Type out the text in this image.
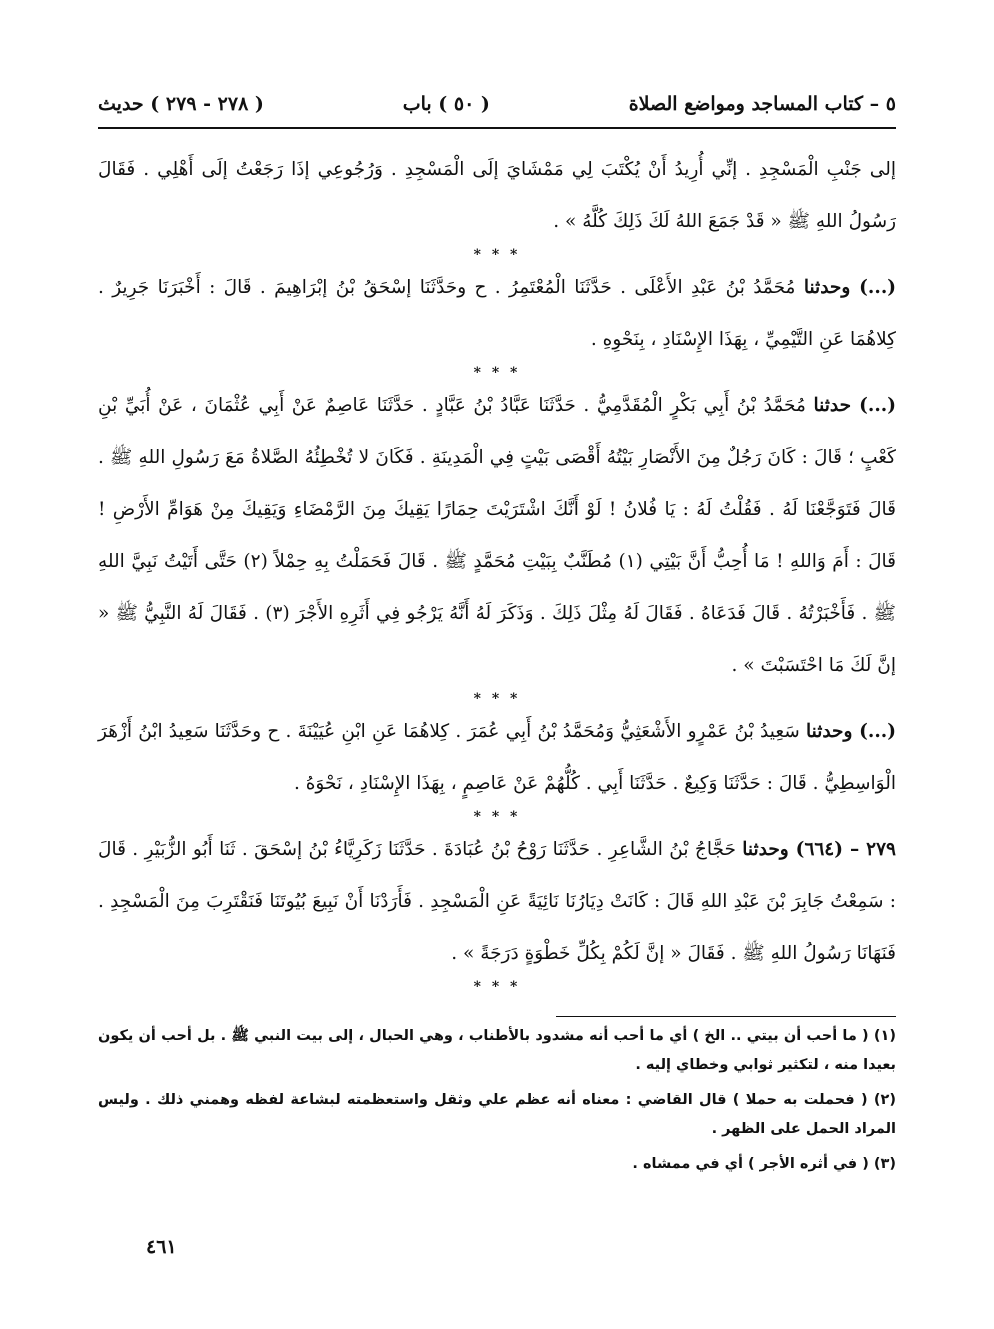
٥ – كتاب المساجد ومواضع الصلاة
( ٥٠ ) باب
( ٢٧٨ - ٢٧٩ ) حديث

إلى جَنْبِ الْمَسْجِدِ . إنِّي أُرِيدُ أَنْ يُكْتَبَ لِي مَمْشَايَ إلَى الْمَسْجِدِ . وَرُجُوعِي إذَا رَجَعْتُ إلَى أَهْلِي . فَقَالَ رَسُولُ اللهِ ﷺ « قَدْ جَمَعَ اللهُ لَكَ ذَلِكَ كُلَّهُ » .

* * *

(...) وحدثنا مُحَمَّدُ بْنُ عَبْدِ الأَعْلَى . حَدَّثَنَا الْمُعْتَمِرُ . ح وحَدَّثَنَا إسْحَقُ بْنُ إبْرَاهِيمَ . قَالَ : أَخْبَرَنَا جَرِيرٌ . كِلاهُمَا عَنِ التَّيْمِيِّ ، بِهَذَا الإِسْنَادِ ، بِنَحْوِهِ .

* * *

(...) حدثنا مُحَمَّدُ بْنُ أَبِي بَكْرٍ الْمُقَدَّمِيُّ . حَدَّثَنَا عَبَّادُ بْنُ عَبَّادٍ . حَدَّثَنَا عَاصِمٌ عَنْ أَبِي عُثْمَانَ ، عَنْ أُبَيِّ بْنِ كَعْبٍ ؛ قَالَ : كَانَ رَجُلٌ مِنَ الأَنْصَارِ بَيْتُهُ أَقْصَى بَيْتٍ فِي الْمَدِينَةِ . فَكَانَ لا تُخْطِئُهُ الصَّلاةُ مَعَ رَسُولِ اللهِ ﷺ . قَالَ فَتَوَجَّعْنَا لَهُ . فَقُلْتُ لَهُ : يَا فُلانُ ! لَوْ أَنَّكَ اشْتَرَيْتَ حِمَارًا يَقِيكَ مِنَ الرَّمْضَاءِ وَيَقِيكَ مِنْ هَوَامِّ الأَرْضِ ! قَالَ : أَمَ وَاللهِ ! مَا أُحِبُّ أَنَّ بَيْتِي (١) مُطَنَّبٌ بِبَيْتِ مُحَمَّدٍ ﷺ . قَالَ فَحَمَلْتُ بِهِ حِمْلاً (٢) حَتَّى أَتَيْتُ نَبِيَّ اللهِ ﷺ . فَأَخْبَرْتُهُ . قَالَ فَدَعَاهُ . فَقَالَ لَهُ مِثْلَ ذَلِكَ . وَذَكَرَ لَهُ أَنَّهُ يَرْجُو فِي أَثَرِهِ الأَجْرَ (٣) . فَقَالَ لَهُ النَّبِيُّ ﷺ « إنَّ لَكَ مَا احْتَسَبْتَ » .

* * *

(...) وحدثنا سَعِيدُ بْنُ عَمْرٍو الأَشْعَثِيُّ وَمُحَمَّدُ بْنُ أَبِي عُمَرَ . كِلاهُمَا عَنِ ابْنِ عُيَيْنَةَ . ح وحَدَّثَنَا سَعِيدُ ابْنُ أَزْهَرَ الْوَاسِطِيُّ . قَالَ : حَدَّثَنَا وَكِيعٌ . حَدَّثَنَا أَبِي . كُلُّهُمْ عَنْ عَاصِمٍ ، بِهَذَا الإِسْنَادِ ، نَحْوَهُ .

* * *

٢٧٩ – (٦٦٤) وحدثنا حَجَّاجُ بْنُ الشَّاعِرِ . حَدَّثَنَا رَوْحُ بْنُ عُبَادَةَ . حَدَّثَنَا زَكَرِيَّاءُ بْنُ إسْحَقَ . ثَنَا أَبُو الزُّبَيْرِ . قَالَ : سَمِعْتُ جَابِرَ بْنَ عَبْدِ اللهِ قَالَ : كَانَتْ دِيَارُنَا نَائِيَةً عَنِ الْمَسْجِدِ . فَأَرَدْنَا أَنْ نَبِيعَ بُيُوتَنَا فَنَقْتَرِبَ مِنَ الْمَسْجِدِ . فَنَهَانَا رَسُولُ اللهِ ﷺ . فَقَالَ « إنَّ لَكُمْ بِكُلِّ خَطْوَةٍ دَرَجَةً » .

* * *

(١) ( ما أحب أن بيتي .. الخ ) أي ما أحب أنه مشدود بالأطناب ، وهي الحبال ، إلى بيت النبي ﷺ . بل أحب أن يكون بعيدا منه ، لتكثير ثوابي وخطاي إليه .

(٢) ( فحملت به حملا ) قال القاضي : معناه أنه عظم علي وثقل واستعظمته لبشاعة لفظه وهمني ذلك . وليس المراد الحمل على الظهر .

(٣) ( في أثره الأجر ) أي في ممشاه .

٤٦١
